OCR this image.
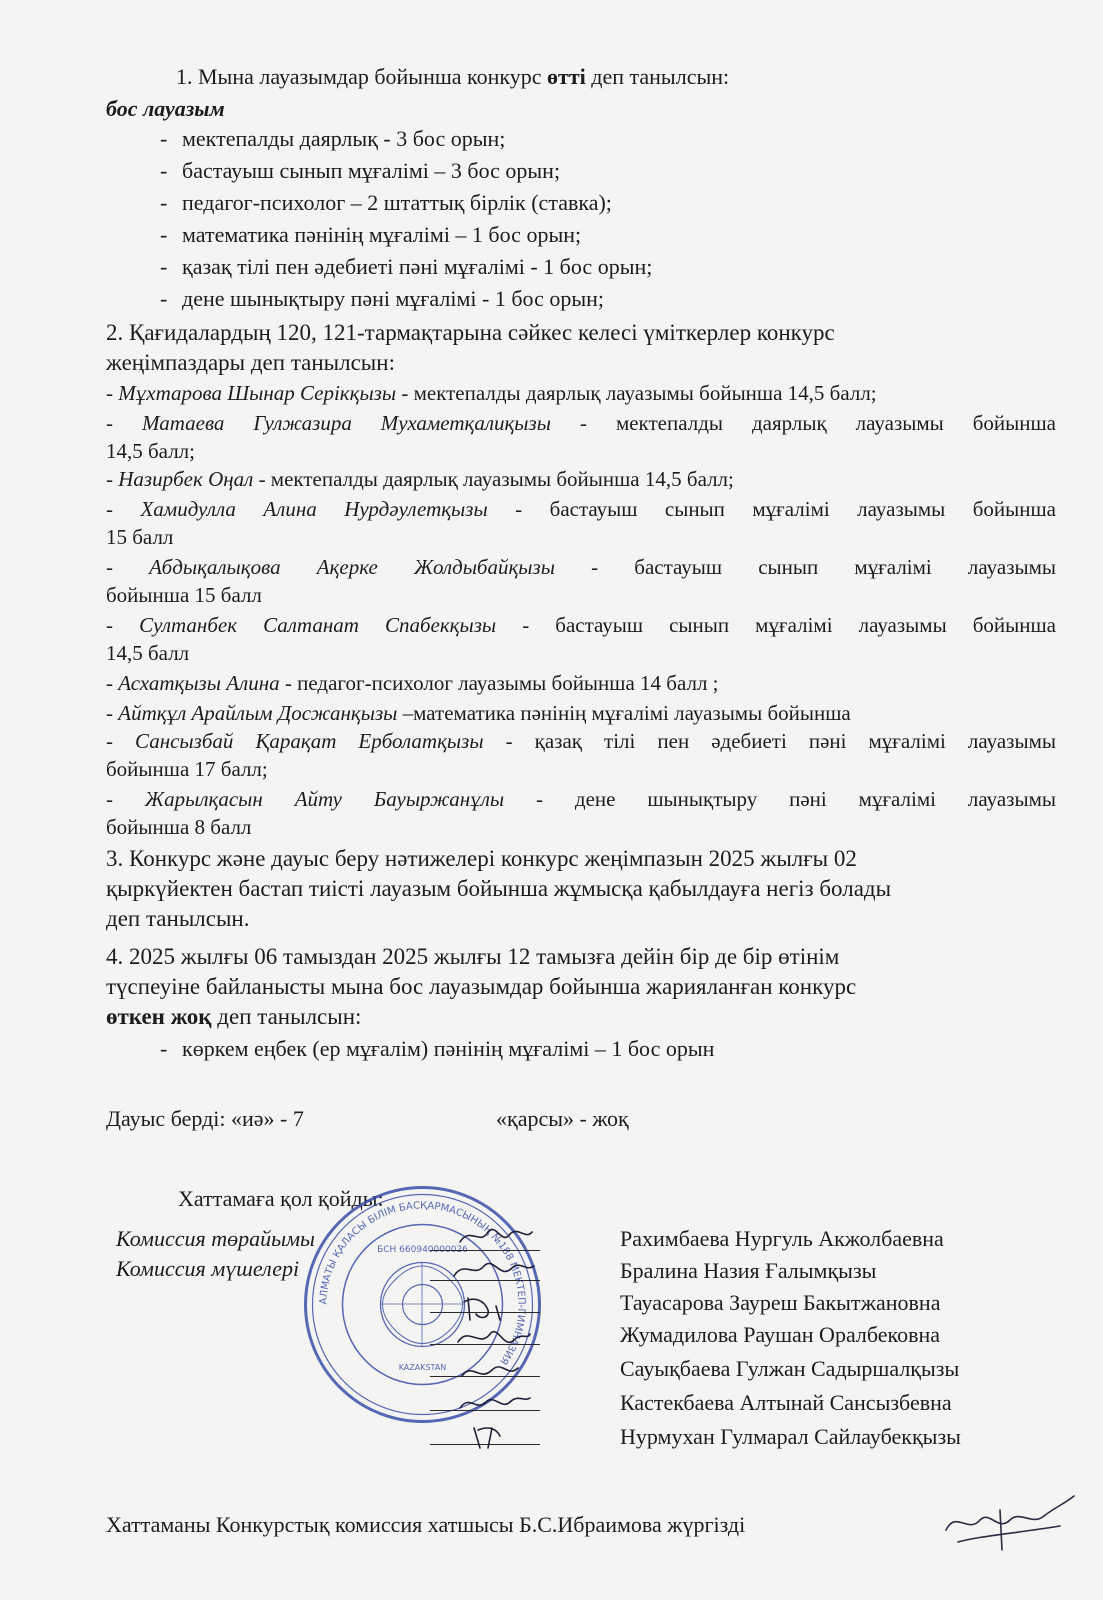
1. Мына лауазымдар бойынша конкурс өтті деп танылсын:
бос лауазым
- мектепалды даярлық - 3 бос орын;
- бастауыш сынып мұғалімі – 3 бос орын;
- педагог-психолог – 2 штаттық бірлік (ставка);
- математика пәнінің мұғалімі – 1 бос орын;
- қазақ тілі пен әдебиеті пәні мұғалімі - 1 бос орын;
- дене шынықтыру пәні мұғалімі - 1 бос орын;
2. Қағидалардың 120, 121-тармақтарына сәйкес келесі үміткерлер конкурс
жеңімпаздары деп танылсын:
- Мұхтарова Шынар Серікқызы - мектепалды даярлық лауазымы бойынша 14,5 балл;
- Матаева Гулжазира Мухаметқалиқызы - мектепалды даярлық лауазымы бойынша
14,5 балл;
- Назирбек Оңал - мектепалды даярлық лауазымы бойынша 14,5 балл;
- Хамидулла Алина Нурдәулетқызы - бастауыш сынып мұғалімі лауазымы бойынша
15 балл
- Абдықалықова Ақерке Жолдыбайқызы - бастауыш сынып мұғалімі лауазымы
бойынша 15 балл
- Султанбек Салтанат Спабекқызы - бастауыш сынып мұғалімі лауазымы бойынша
14,5 балл
- Асхатқызы Алина - педагог-психолог лауазымы бойынша 14 балл ;
- Айтқұл Арайлым Досжанқызы –математика пәнінің мұғалімі лауазымы бойынша
- Сансызбай Қарақат Ерболатқызы - қазақ тілі пен әдебиеті пәні мұғалімі лауазымы
бойынша 17 балл;
- Жарылқасын Айту Бауыржанұлы - дене шынықтыру пәні мұғалімі лауазымы
бойынша 8 балл
3. Конкурс және дауыс беру нәтижелері конкурс жеңімпазын 2025 жылғы 02
қыркүйектен бастап тиісті лауазым бойынша жұмысқа қабылдауға негіз болады
деп танылсын.
4. 2025 жылғы 06 тамыздан 2025 жылғы 12 тамызға дейін бір де бір өтінім
түспеуіне байланысты мына бос лауазымдар бойынша жарияланған конкурс
өткен жоқ деп танылсын:
- көркем еңбек (ер мұғалім) пәнінің мұғалімі – 1 бос орын
Дауыс берді: «иә» - 7	«қарсы» - жоқ
Хаттамаға қол қойды:
АЛМАТЫ ҚАЛАСЫ БІЛІМ БАСҚАРМАСЫНЫҢ №188 МЕКТЕП-ГИМНАЗИЯ
БСН 660940000026
KAZAKSTAN
Комиссия төрайымы
Комиссия мүшелері
Рахимбаева Нургуль Акжолбаевна
Бралина Назия Ғалымқызы
Тауасарова Зауреш Бакытжановна
Жумадилова Раушан Оралбековна
Сауықбаева Гулжан Садыршалқызы
Кастекбаева Алтынай Сансызбевна
Нурмухан Гулмарал Сайлаубекқызы
Хаттаманы Конкурстық комиссия хатшысы Б.С.Ибраимова жүргізді
